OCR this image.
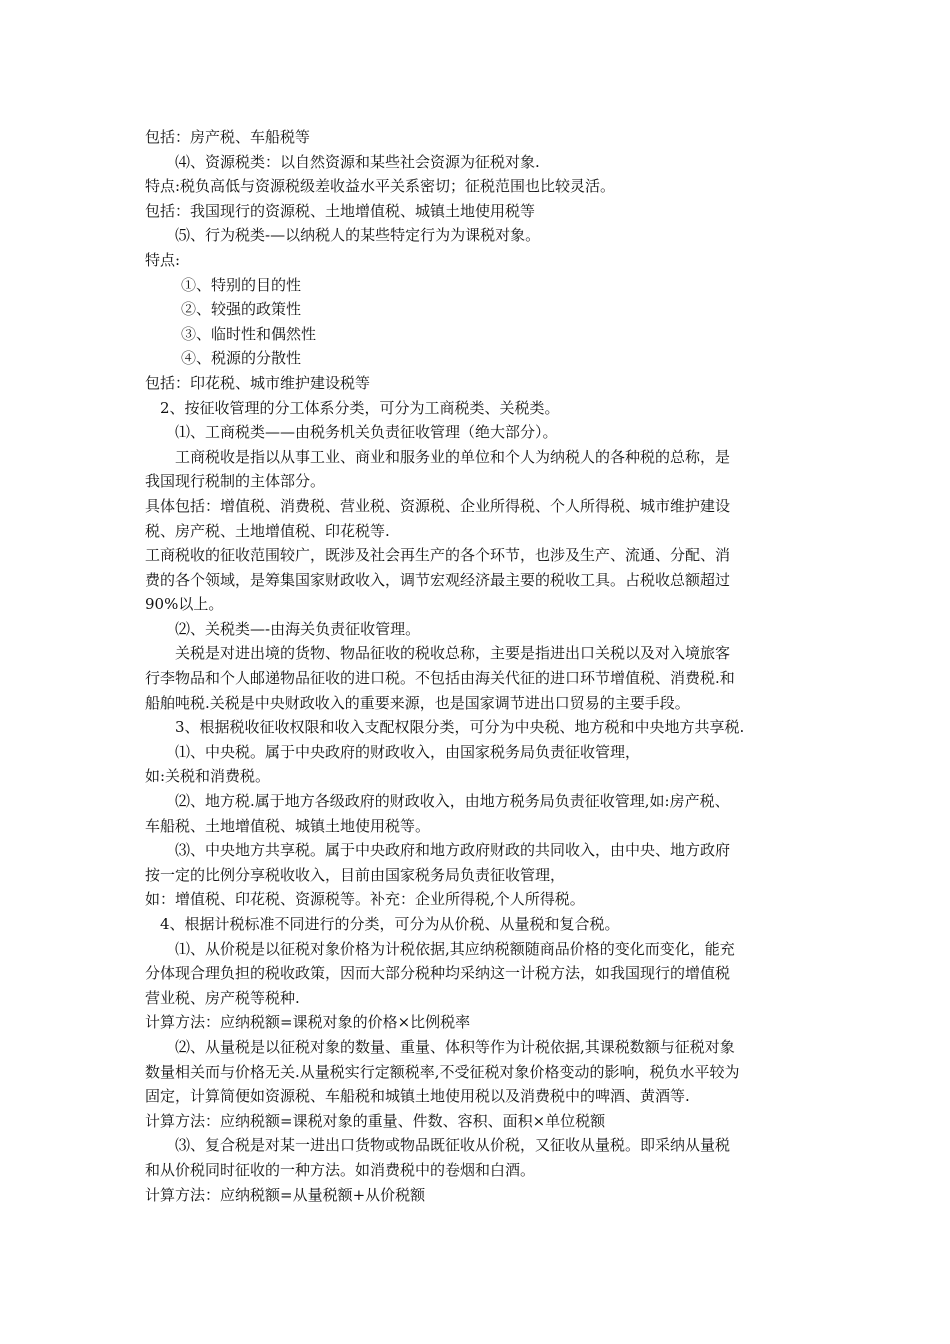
包括：房产税、车船税等
⑷、资源税类：以自然资源和某些社会资源为征税对象.
特点:税负高低与资源税级差收益水平关系密切；征税范围也比较灵活。
包括：我国现行的资源税、土地增值税、城镇土地使用税等
⑸、行为税类-—以纳税人的某些特定行为为课税对象。
特点:
①、特别的目的性
②、较强的政策性
③、临时性和偶然性
④、税源的分散性
包括：印花税、城市维护建设税等
2、按征收管理的分工体系分类，可分为工商税类、关税类。
⑴、工商税类——由税务机关负责征收管理（绝大部分）。
工商税收是指以从事工业、商业和服务业的单位和个人为纳税人的各种税的总称，是
我国现行税制的主体部分。
具体包括：增值税、消费税、营业税、资源税、企业所得税、个人所得税、城市维护建设
税、房产税、土地增值税、印花税等.
工商税收的征收范围较广，既涉及社会再生产的各个环节，也涉及生产、流通、分配、消
费的各个领域，是筹集国家财政收入，调节宏观经济最主要的税收工具。占税收总额超过
90%以上。
⑵、关税类—-由海关负责征收管理。
关税是对进出境的货物、物品征收的税收总称，主要是指进出口关税以及对入境旅客
行李物品和个人邮递物品征收的进口税。不包括由海关代征的进口环节增值税、消费税.和
船舶吨税.关税是中央财政收入的重要来源，也是国家调节进出口贸易的主要手段。
3、根据税收征收权限和收入支配权限分类，可分为中央税、地方税和中央地方共享税.
⑴、中央税。属于中央政府的财政收入，由国家税务局负责征收管理，
如:关税和消费税。
⑵、地方税.属于地方各级政府的财政收入，由地方税务局负责征收管理,如:房产税、
车船税、土地增值税、城镇土地使用税等。
⑶、中央地方共享税。属于中央政府和地方政府财政的共同收入，由中央、地方政府
按一定的比例分享税收收入，目前由国家税务局负责征收管理，
如：增值税、印花税、资源税等。补充：企业所得税,个人所得税。
4、根据计税标准不同进行的分类，可分为从价税、从量税和复合税。
⑴、从价税是以征税对象价格为计税依据,其应纳税额随商品价格的变化而变化，能充
分体现合理负担的税收政策，因而大部分税种均采纳这一计税方法，如我国现行的增值税
营业税、房产税等税种.
计算方法：应纳税额=课税对象的价格×比例税率
⑵、从量税是以征税对象的数量、重量、体积等作为计税依据,其课税数额与征税对象
数量相关而与价格无关.从量税实行定额税率,不受征税对象价格变动的影响，税负水平较为
固定，计算简便如资源税、车船税和城镇土地使用税以及消费税中的啤酒、黄酒等.
计算方法：应纳税额=课税对象的重量、件数、容积、面积×单位税额
⑶、复合税是对某一进出口货物或物品既征收从价税，又征收从量税。即采纳从量税
和从价税同时征收的一种方法。如消费税中的卷烟和白酒。
计算方法：应纳税额=从量税额+从价税额
